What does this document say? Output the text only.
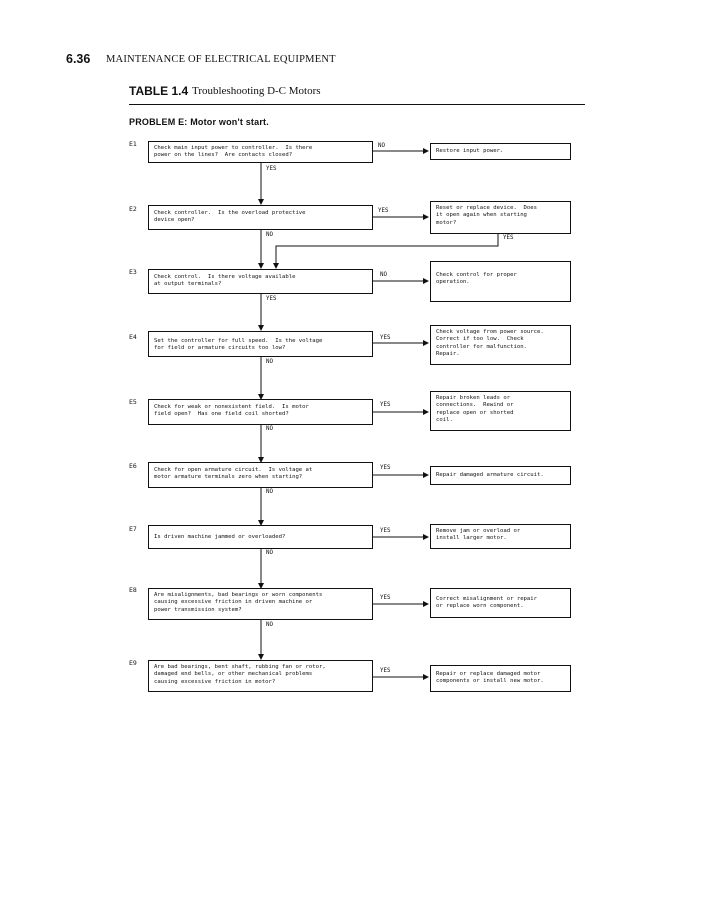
6.36 MAINTENANCE OF ELECTRICAL EQUIPMENT
TABLE 1.4 Troubleshooting D-C Motors
PROBLEM E: Motor won't start.
E1	Check main input power to controller.  Is there
power on the lines?  Are contacts closed?
NO
Restore input power.
YES
E2	Check controller.  Is the overload protective
device open?
YES	Reset or replace device.  Does
it open again when starting
motor?
NO	YES
E3
Check control.  Is there voltage available
at output terminals?
NO	Check control for proper
operation.
YES
E4	Set the controller for full speed.  Is the voltage
for field or armature circuits too low?
YES
Check voltage from power source.
Correct if too low.  Check
controller for malfunction.
Repair.
NO
E5
Check for weak or nonexistent field.  Is motor
field open?  Has one field coil shorted?
YES
Repair broken leads or
connections.  Rewind or
replace open or shorted
coil.
NO
E6	Check for open armature circuit.  Is voltage at
motor armature terminals zero when starting?
YES
Repair damaged armature circuit.
NO
E7
Is driven machine jammed or overloaded?
YES	Remove jam or overload or
install larger motor.
NO
E8
Are misalignments, bad bearings or worn components
causing excessive friction in driven machine or
power transmission system?
YES	Correct misalignment or repair
or replace worn component.
NO
E9	Are bad bearings, bent shaft, rubbing fan or rotor,
damaged end bells, or other mechanical problems
causing excessive friction in motor?
YES	Repair or replace damaged motor
components or install new motor.
